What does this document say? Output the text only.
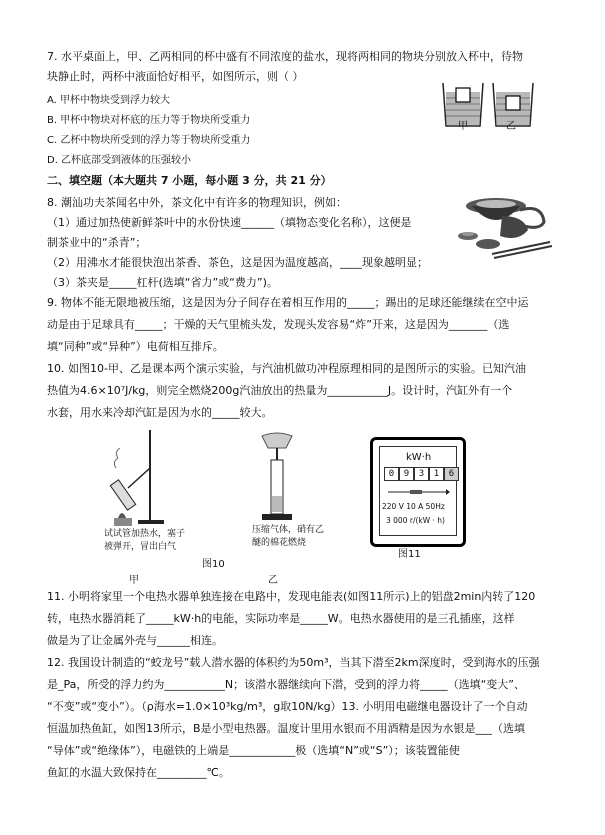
7. 水平桌面上，甲、乙两相同的杯中盛有不同浓度的盐水，现将两相同的物块分别放入杯中，待物
块静止时，两杯中液面恰好相平，如图所示，则（ ）
A. 甲杯中物块受到浮力较大
B. 甲杯中物块对杯底的压力等于物块所受重力
C. 乙杯中物块所受到的浮力等于物块所受重力
D. 乙杯底部受到液体的压强较小
甲	乙
二、填空题（本大题共 7 小题，每小题 3 分，共 21 分）
8. 潮汕功夫茶闻名中外，茶文化中有许多的物理知识，例如：
（1）通过加热使新鲜茶叶中的水份快速______（填物态变化名称），这便是
制茶业中的“杀青”；
（2）用沸水才能很快泡出茶香、茶色，这是因为温度越高，____现象越明显；
（3）茶夹是_____杠杆(选填“省力”或“费力”)。
9. 物体不能无限地被压缩，这是因为分子间存在着相互作用的_____；踢出的足球还能继续在空中运
动是由于足球具有_____；干燥的天气里梳头发，发现头发容易“炸”开来，这是因为_______（选
填“同种”或“异种”）电荷相互排斥。
10. 如图10-甲、乙是课本两个演示实验，与汽油机做功冲程原理相同的是图所示的实验。已知汽油
热值为4.6×10⁷J/kg，则完全燃烧200g汽油放出的热量为___________J。设计时，汽缸外有一个
水套，用水来冷却汽缸是因为水的_____较大。
试试管加热水，塞子
被弹开，冒出白气
压缩气体，硝有乙
醚的棉花燃烧
图10
甲	乙
kW·h
0	9	3	1	6
220 V 10 A 50Hz
3 000 r/(kW · h)
图11
11. 小明将家里一个电热水器单独连接在电路中，发现电能表(如图11所示)上的铝盘2min内转了120
转，电热水器消耗了_____kW·h的电能，实际功率是_____W。电热水器使用的是三孔插座，这样
做是为了让金属外壳与______相连。
12. 我国设计制造的“蛟龙号”载人潜水器的体积约为50m³，当其下潜至2km深度时，受到海水的压强
是_Pa，所受的浮力约为___________N；该潜水器继续向下潜，受到的浮力将_____（选填“变大”、
“不变”或“变小”）。（ρ海水=1.0×10³kg/m³，g取10N/kg）13. 小明用电磁继电器设计了一个自动
恒温加热鱼缸，如图13所示，B是小型电热器。温度计里用水银而不用酒精是因为水银是___（选填
“导体”或“绝缘体”），电磁铁的上端是____________极（选填“N”或“S”）；该装置能使
鱼缸的水温大致保持在_________℃。
